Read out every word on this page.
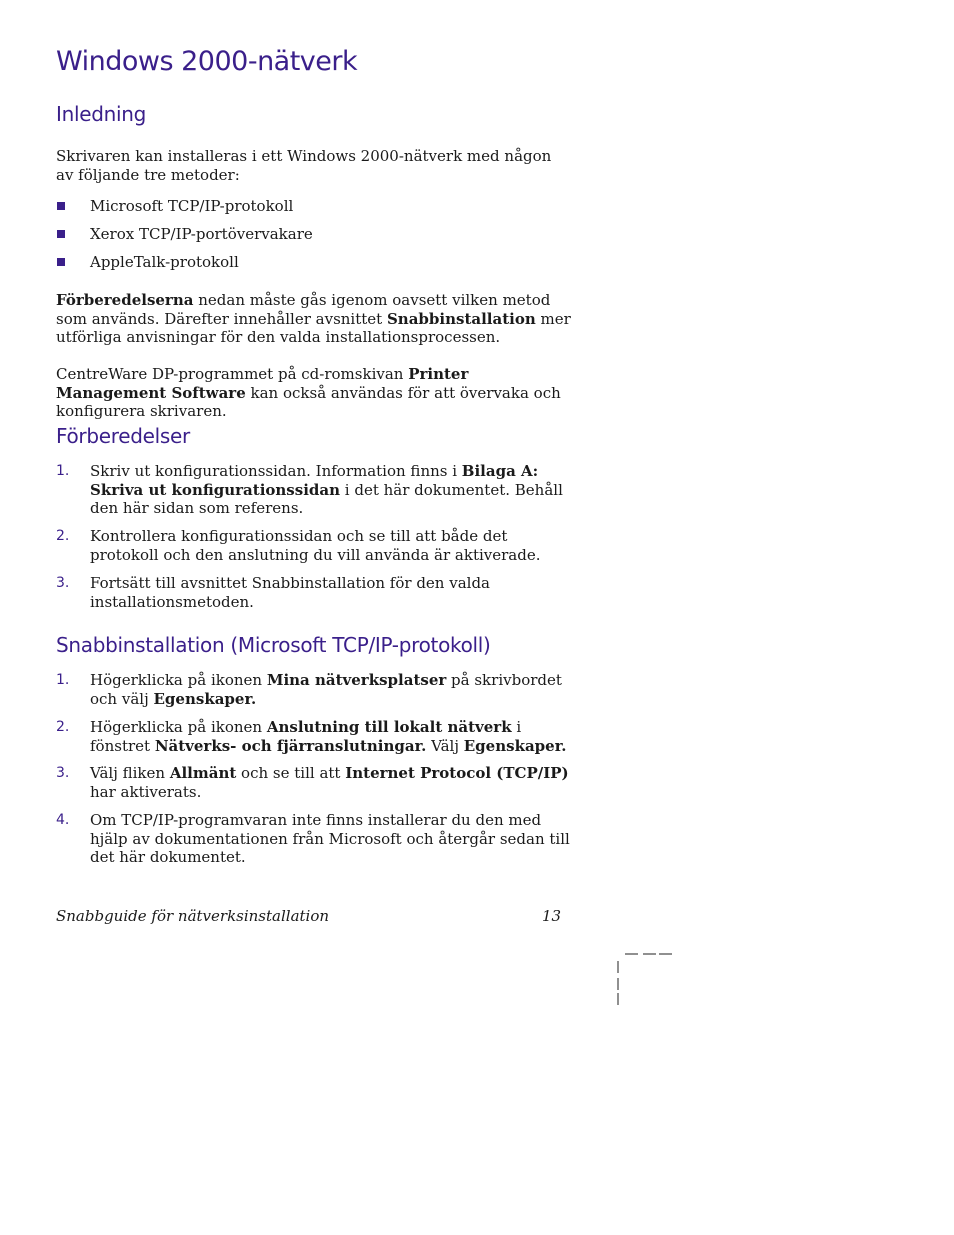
Windows 2000-nätverk
Inledning

Skrivaren kan installeras i ett Windows 2000-nätverk med någon av följande tre metoder:

Microsoft TCP/IP-protokoll
Xerox TCP/IP-portövervakare
AppleTalk-protokoll

Förberedelserna nedan måste gås igenom oavsett vilken metod som används. Därefter innehåller avsnittet Snabbinstallation mer utförliga anvisningar för den valda installationsprocessen.

CentreWare DP-programmet på cd-romskivan Printer Management Software kan också användas för att övervaka och konfigurera skrivaren.

Förberedelser
1.	Skriv ut konfigurationssidan. Information finns i Bilaga A: Skriva ut konfigurationssidan i det här dokumentet. Behåll den här sidan som referens.
2.	Kontrollera konfigurationssidan och se till att både det protokoll och den anslutning du vill använda är aktiverade.
3.	Fortsätt till avsnittet Snabbinstallation för den valda installationsmetoden.
Snabbinstallation (Microsoft TCP/IP-protokoll)
1.	Högerklicka på ikonen Mina nätverksplatser på skrivbordet och välj Egenskaper.
2.	Högerklicka på ikonen Anslutning till lokalt nätverk i fönstret Nätverks- och fjärranslutningar. Välj Egenskaper.
3.	Välj fliken Allmänt och se till att Internet Protocol (TCP/IP) har aktiverats.
4.	Om TCP/IP-programvaran inte finns installerar du den med hjälp av dokumentationen från Microsoft och återgår sedan till det här dokumentet.
Snabbguide för nätverksinstallation	13
